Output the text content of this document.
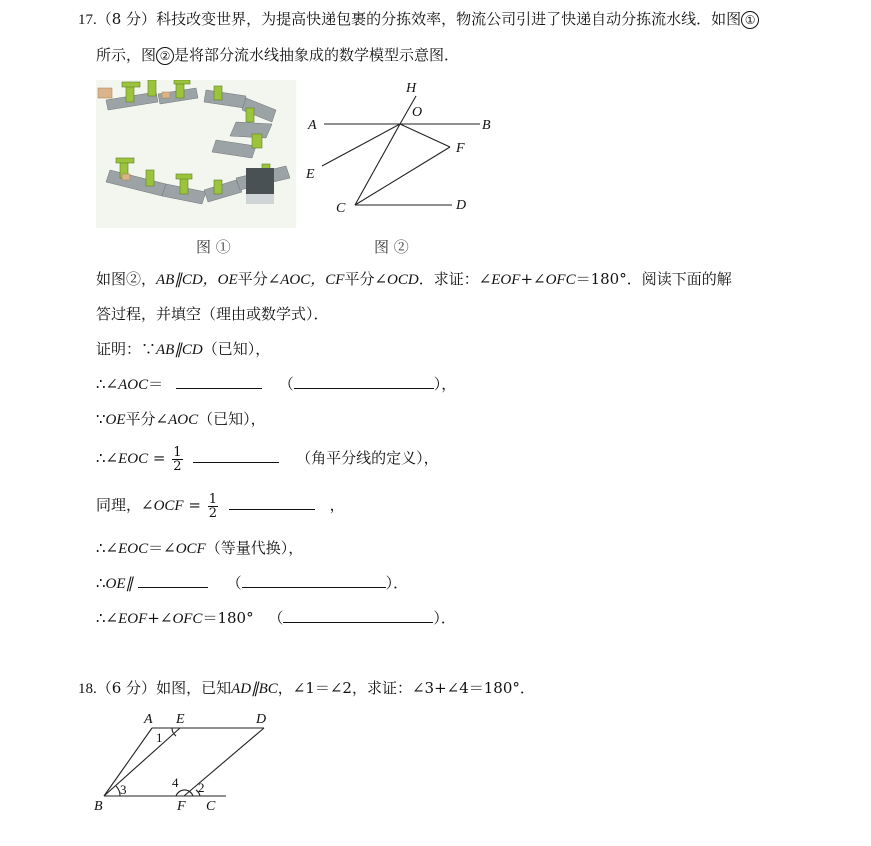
17.（8 分）科技改变世界，为提高快递包裹的分拣效率，物流公司引进了快递自动分拣流水线．如图 ①
所示，图 ② 是将部分流水线抽象成的数学模型示意图．
图 ①
H
O
A	B
E
F
C	D
图 ②
如图②，AB∥CD，OE平分∠AOC，CF平分∠OCD．求证：∠EOF+∠OFC＝180°．阅读下面的解
答过程，并填空（理由或数学式）．
证明：∵AB∥CD（已知），
∴∠AOC＝	（	），
∵OE平分∠AOC（已知），
∴∠EOC = $\frac{1}{2}$	（角平分线的定义），
同理，∠OCF = $\frac{1}{2}$	，
∴∠EOC＝∠OCF（等量代换），
∴OE∥	（	）．
∴∠EOF+∠OFC＝180° （	）．
18.（6 分）如图，已知AD∥BC，∠1＝∠2，求证：∠3+∠4＝180°．
A E	D
B	F C
1
2
3	4
